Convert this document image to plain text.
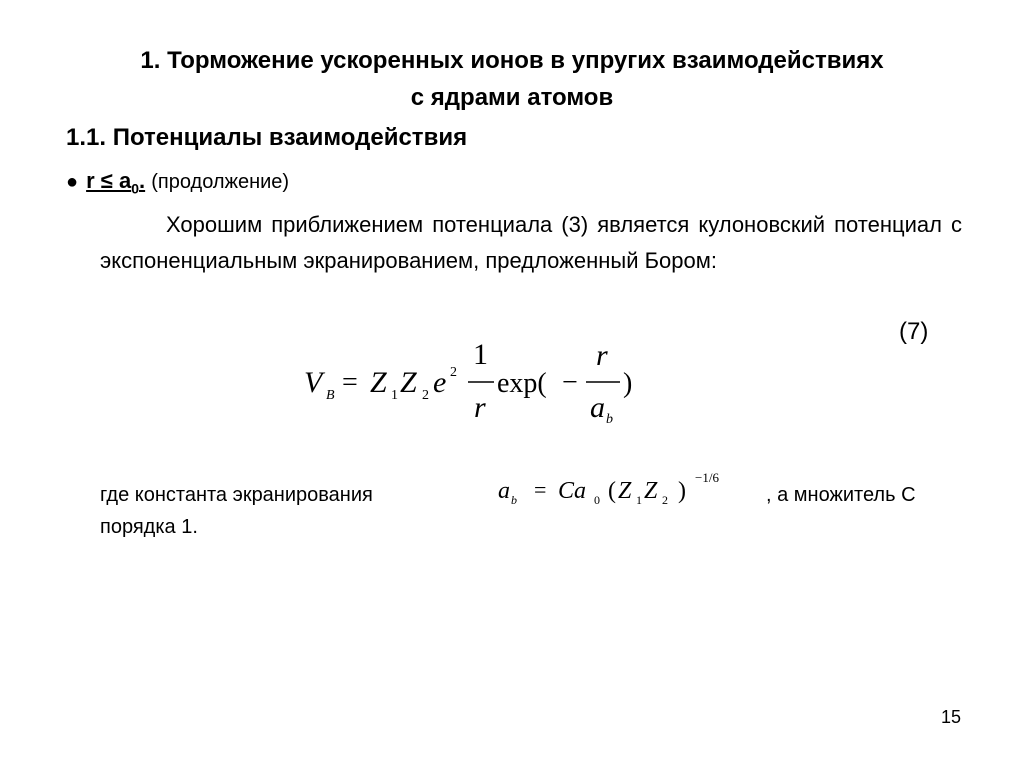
1. Торможение ускоренных ионов в упругих взаимодействиях
с ядрами атомов
1.1. Потенциалы взаимодействия
● $r \le a_0$. (продолжение)
Хорошим приближением потенциала (3) является кулоновский потенциал с экспоненциальным экранированием, предложенный Бором:
(7)
V B = Z 1 Z 2 e 2
1
r
exp( −
r
a b
)
где константа экранирования	a b = Ca 0 ( Z 1 Z 2 )
−1/6
, а множитель С
порядка 1.
15
